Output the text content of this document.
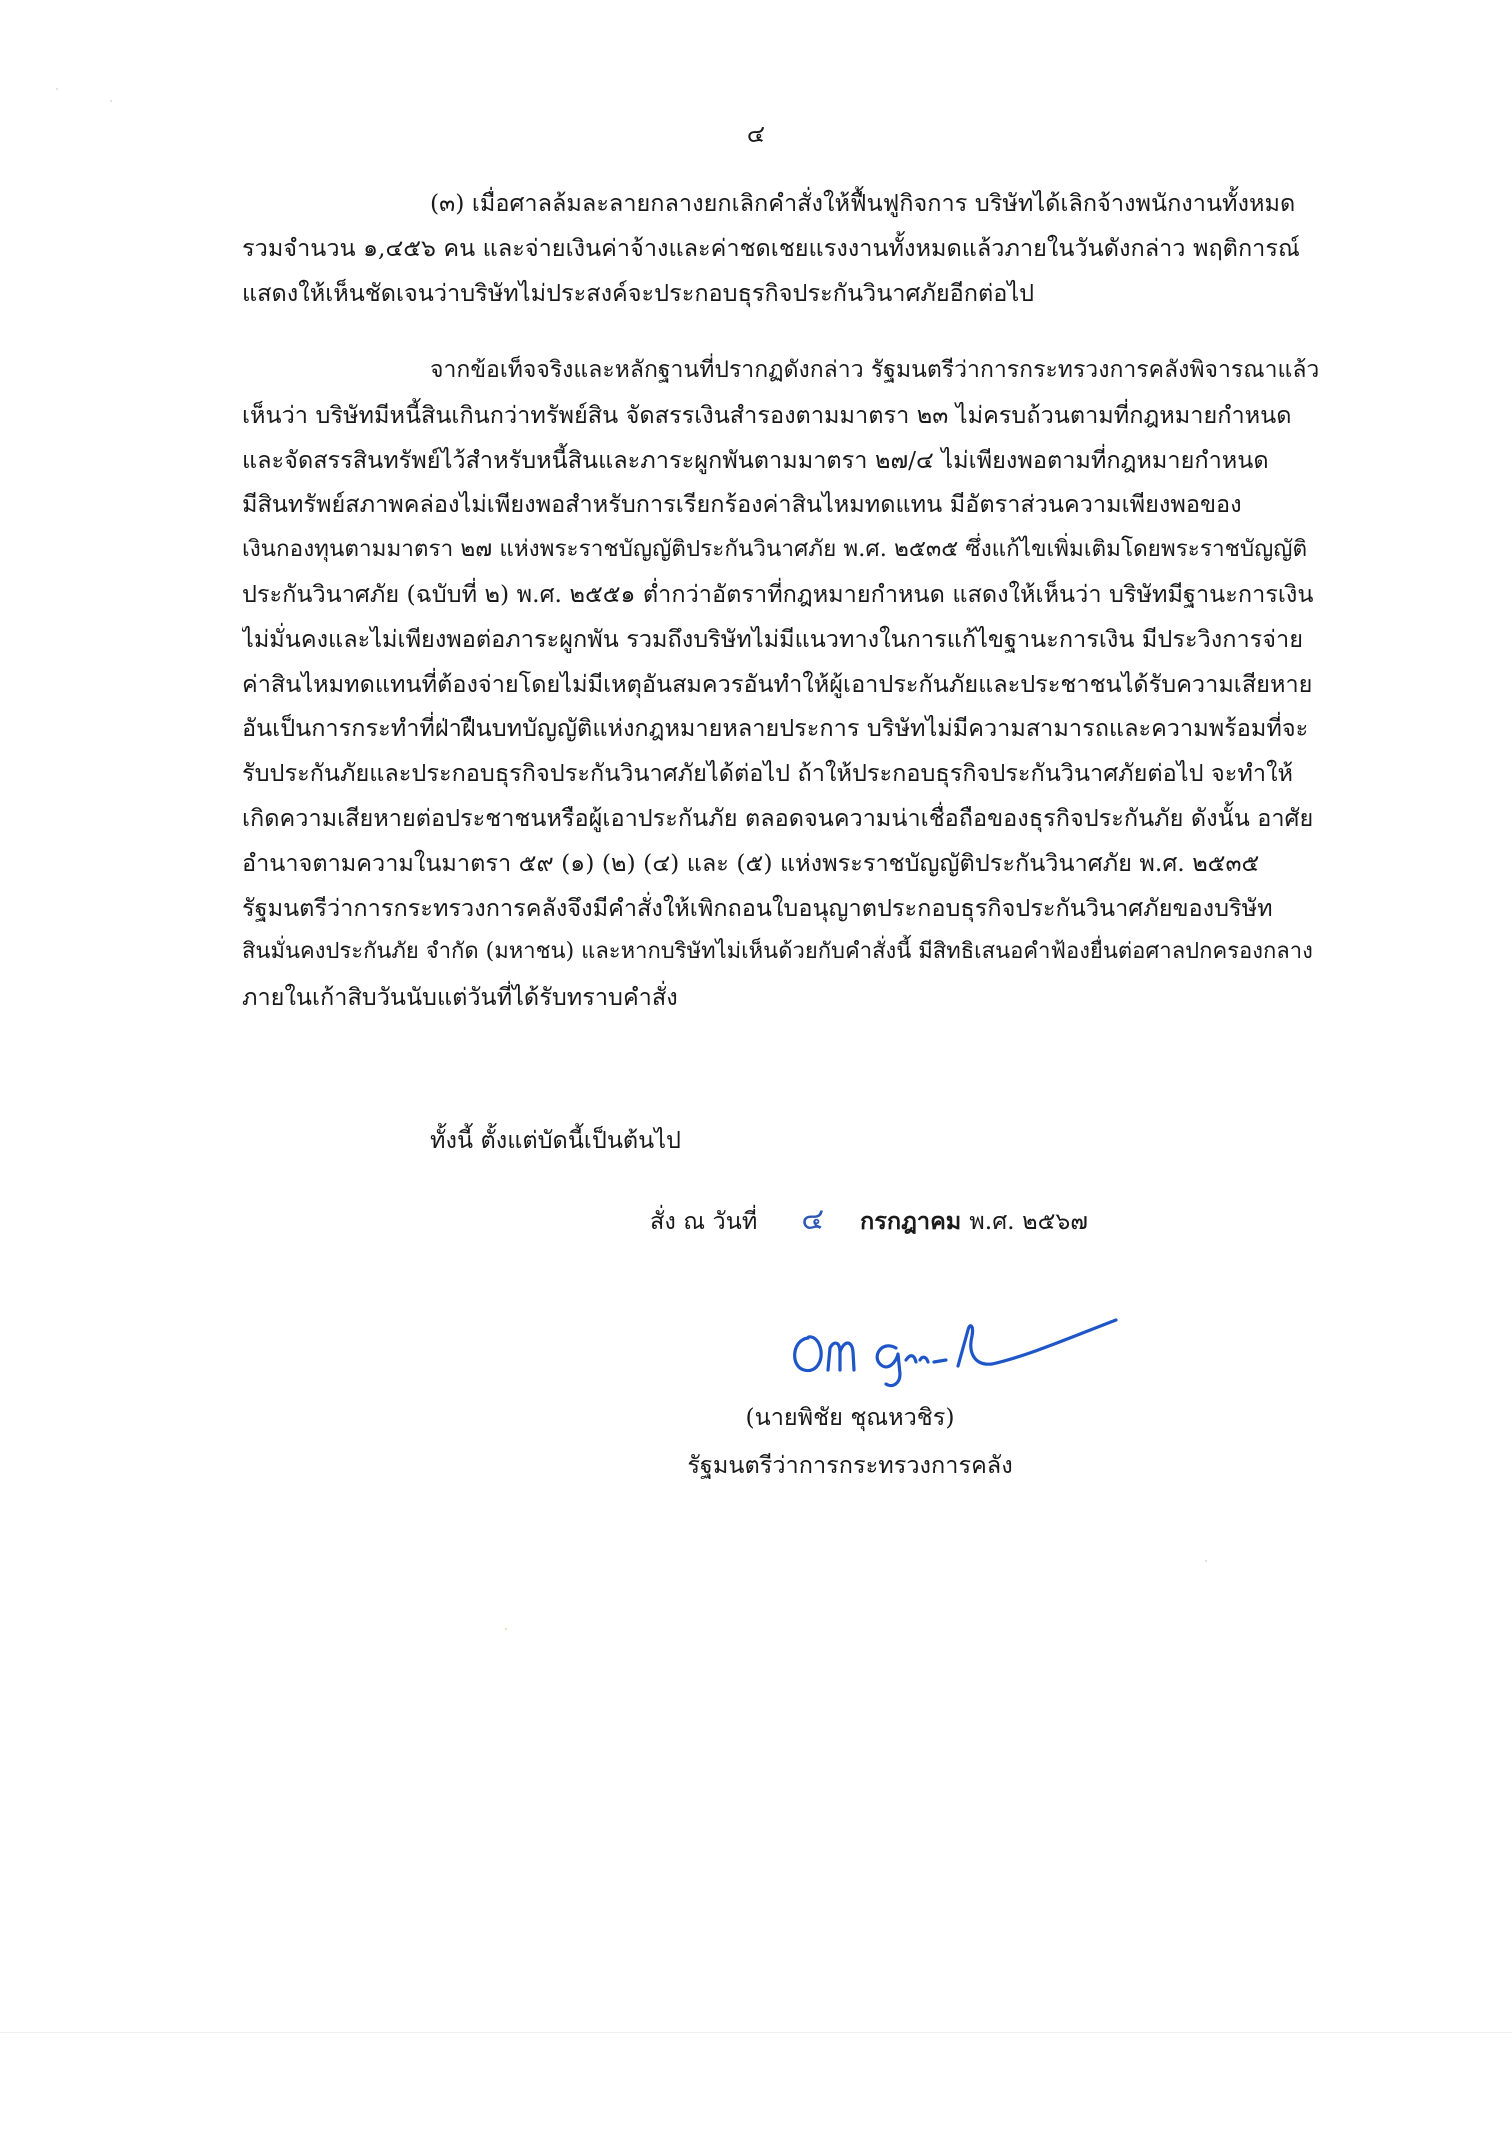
๔
(๓) เมื่อศาลล้มละลายกลางยกเลิกคำสั่งให้ฟื้นฟูกิจการ บริษัทได้เลิกจ้างพนักงานทั้งหมด
รวมจำนวน ๑,๔๕๖ คน และจ่ายเงินค่าจ้างและค่าชดเชยแรงงานทั้งหมดแล้วภายในวันดังกล่าว พฤติการณ์
แสดงให้เห็นชัดเจนว่าบริษัทไม่ประสงค์จะประกอบธุรกิจประกันวินาศภัยอีกต่อไป
จากข้อเท็จจริงและหลักฐานที่ปรากฏดังกล่าว รัฐมนตรีว่าการกระทรวงการคลังพิจารณาแล้ว
เห็นว่า บริษัทมีหนี้สินเกินกว่าทรัพย์สิน จัดสรรเงินสำรองตามมาตรา ๒๓ ไม่ครบถ้วนตามที่กฎหมายกำหนด
และจัดสรรสินทรัพย์ไว้สำหรับหนี้สินและภาระผูกพันตามมาตรา ๒๗/๔ ไม่เพียงพอตามที่กฎหมายกำหนด
มีสินทรัพย์สภาพคล่องไม่เพียงพอสำหรับการเรียกร้องค่าสินไหมทดแทน มีอัตราส่วนความเพียงพอของ
เงินกองทุนตามมาตรา ๒๗ แห่งพระราชบัญญัติประกันวินาศภัย พ.ศ. ๒๕๓๕ ซึ่งแก้ไขเพิ่มเติมโดยพระราชบัญญัติ
ประกันวินาศภัย (ฉบับที่ ๒) พ.ศ. ๒๕๕๑ ต่ำกว่าอัตราที่กฎหมายกำหนด แสดงให้เห็นว่า บริษัทมีฐานะการเงิน
ไม่มั่นคงและไม่เพียงพอต่อภาระผูกพัน รวมถึงบริษัทไม่มีแนวทางในการแก้ไขฐานะการเงิน มีประวิงการจ่าย
ค่าสินไหมทดแทนที่ต้องจ่ายโดยไม่มีเหตุอันสมควรอันทำให้ผู้เอาประกันภัยและประชาชนได้รับความเสียหาย
อันเป็นการกระทำที่ฝ่าฝืนบทบัญญัติแห่งกฎหมายหลายประการ บริษัทไม่มีความสามารถและความพร้อมที่จะ
รับประกันภัยและประกอบธุรกิจประกันวินาศภัยได้ต่อไป ถ้าให้ประกอบธุรกิจประกันวินาศภัยต่อไป จะทำให้
เกิดความเสียหายต่อประชาชนหรือผู้เอาประกันภัย ตลอดจนความน่าเชื่อถือของธุรกิจประกันภัย ดังนั้น อาศัย
อำนาจตามความในมาตรา ๕๙ (๑) (๒) (๔) และ (๕) แห่งพระราชบัญญัติประกันวินาศภัย พ.ศ. ๒๕๓๕
รัฐมนตรีว่าการกระทรวงการคลังจึงมีคำสั่งให้เพิกถอนใบอนุญาตประกอบธุรกิจประกันวินาศภัยของบริษัท
สินมั่นคงประกันภัย จำกัด (มหาชน) และหากบริษัทไม่เห็นด้วยกับคำสั่งนี้ มีสิทธิเสนอคำฟ้องยื่นต่อศาลปกครองกลาง
ภายในเก้าสิบวันนับแต่วันที่ได้รับทราบคำสั่ง
ทั้งนี้ ตั้งแต่บัดนี้เป็นต้นไป
สั่ง ณ วันที่ ๔ กรกฎาคม พ.ศ. ๒๕๖๗
(นายพิชัย ชุณหวชิร)
รัฐมนตรีว่าการกระทรวงการคลัง
